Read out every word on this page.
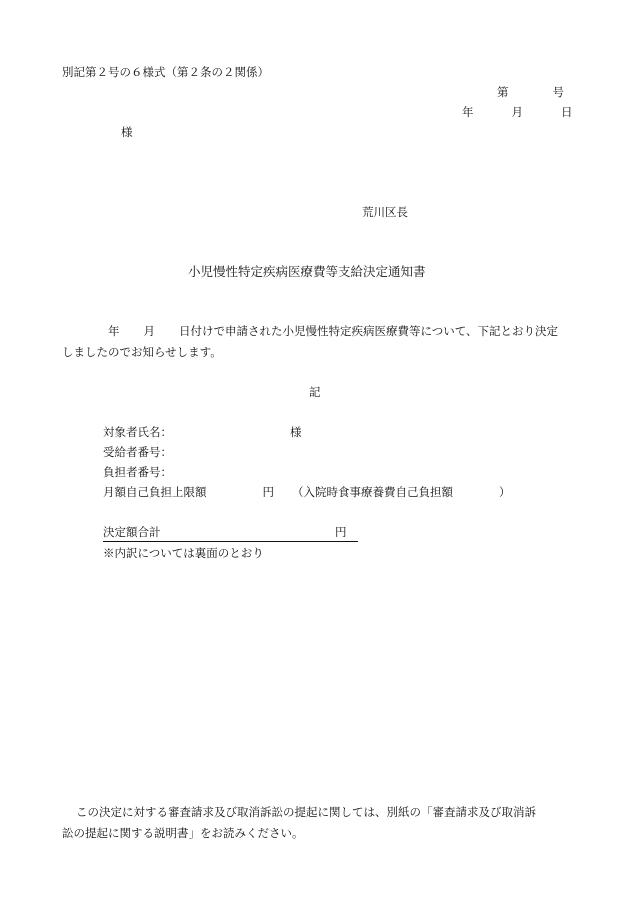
別記第２号の６様式（第２条の２関係）
第	号
年	月	日
様
荒川区長
小児慢性特定疾病医療費等支給決定通知書
年 月 日付けで申請された小児慢性特定疾病医療費等について、下記とおり決定
しましたのでお知らせします。
記
対象者氏名：	様
受給者番号：
負担者番号：
月額自己負担上限額	円 （入院時食事療養費自己負担額	）
決定額合計	円
※内訳については裏面のとおり
この決定に対する審査請求及び取消訴訟の提起に関しては、別紙の「審査請求及び取消訴
訟の提起に関する説明書」をお読みください。
